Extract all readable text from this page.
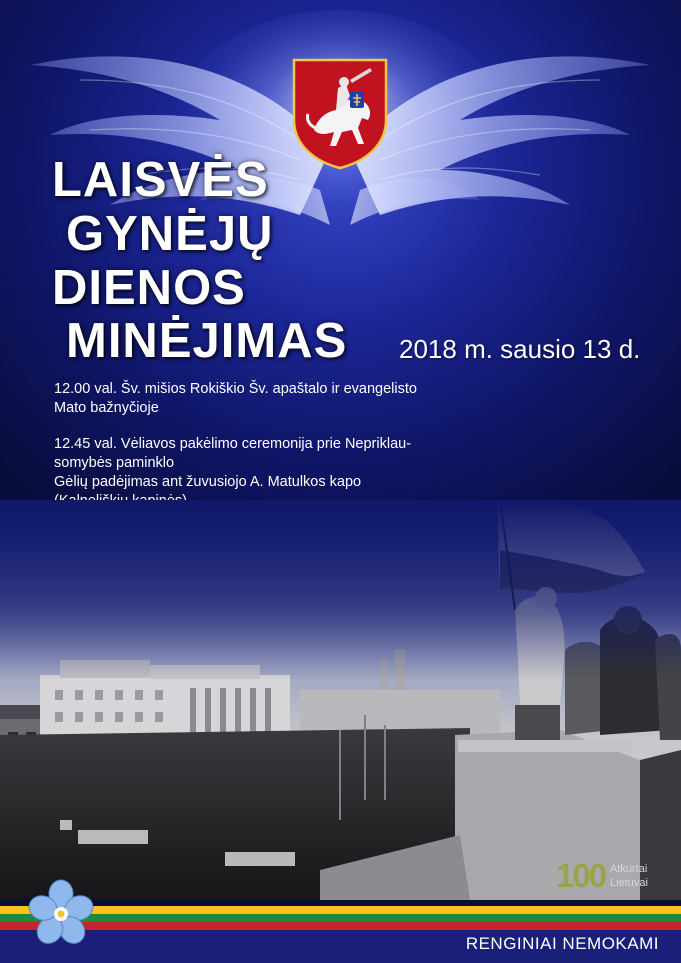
LAISVĖS
GYNĖJŲ
DIENOS
MINĖJIMAS 2018 m. sausio 13 d.

12.00 val. Šv. mišios Rokiškio Šv. apaštalo ir evangelisto

Mato bažnyčioje

12.45 val. Vėliavos pakėlimo ceremonija prie Nepriklau-

somybės paminklo

Gėlių padėjimas ant žuvusiojo A. Matulkos kapo

100 Atkurtai
Lietuvai
RENGINIAI NEMOKAMI
